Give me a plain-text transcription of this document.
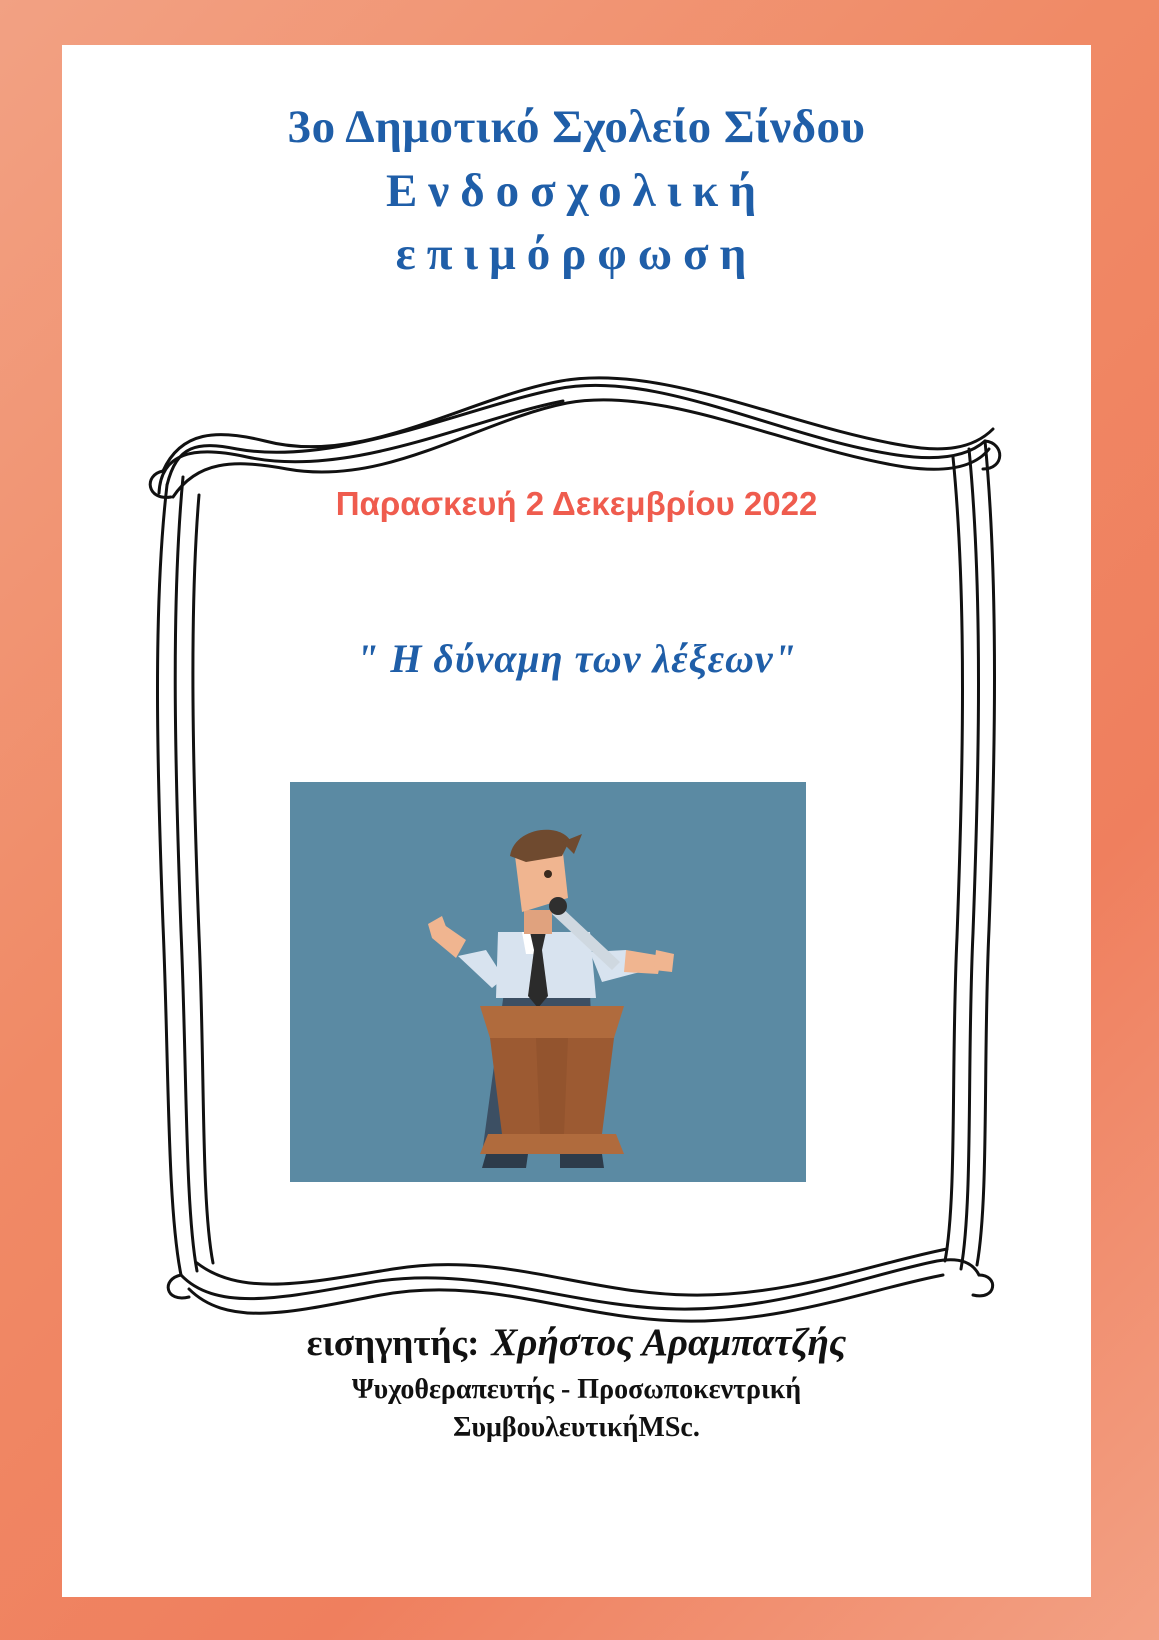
3ο Δημοτικό Σχολείο Σίνδου
Ενδοσχολική
επιμόρφωση
Παρασκευή 2 Δεκεμβρίου 2022
" Η δύναμη των λέξεων"
εισηγητής: Χρήστος Αραμπατζής
Ψυχοθεραπευτής - Προσωποκεντρική
ΣυμβουλευτικήMSc.
